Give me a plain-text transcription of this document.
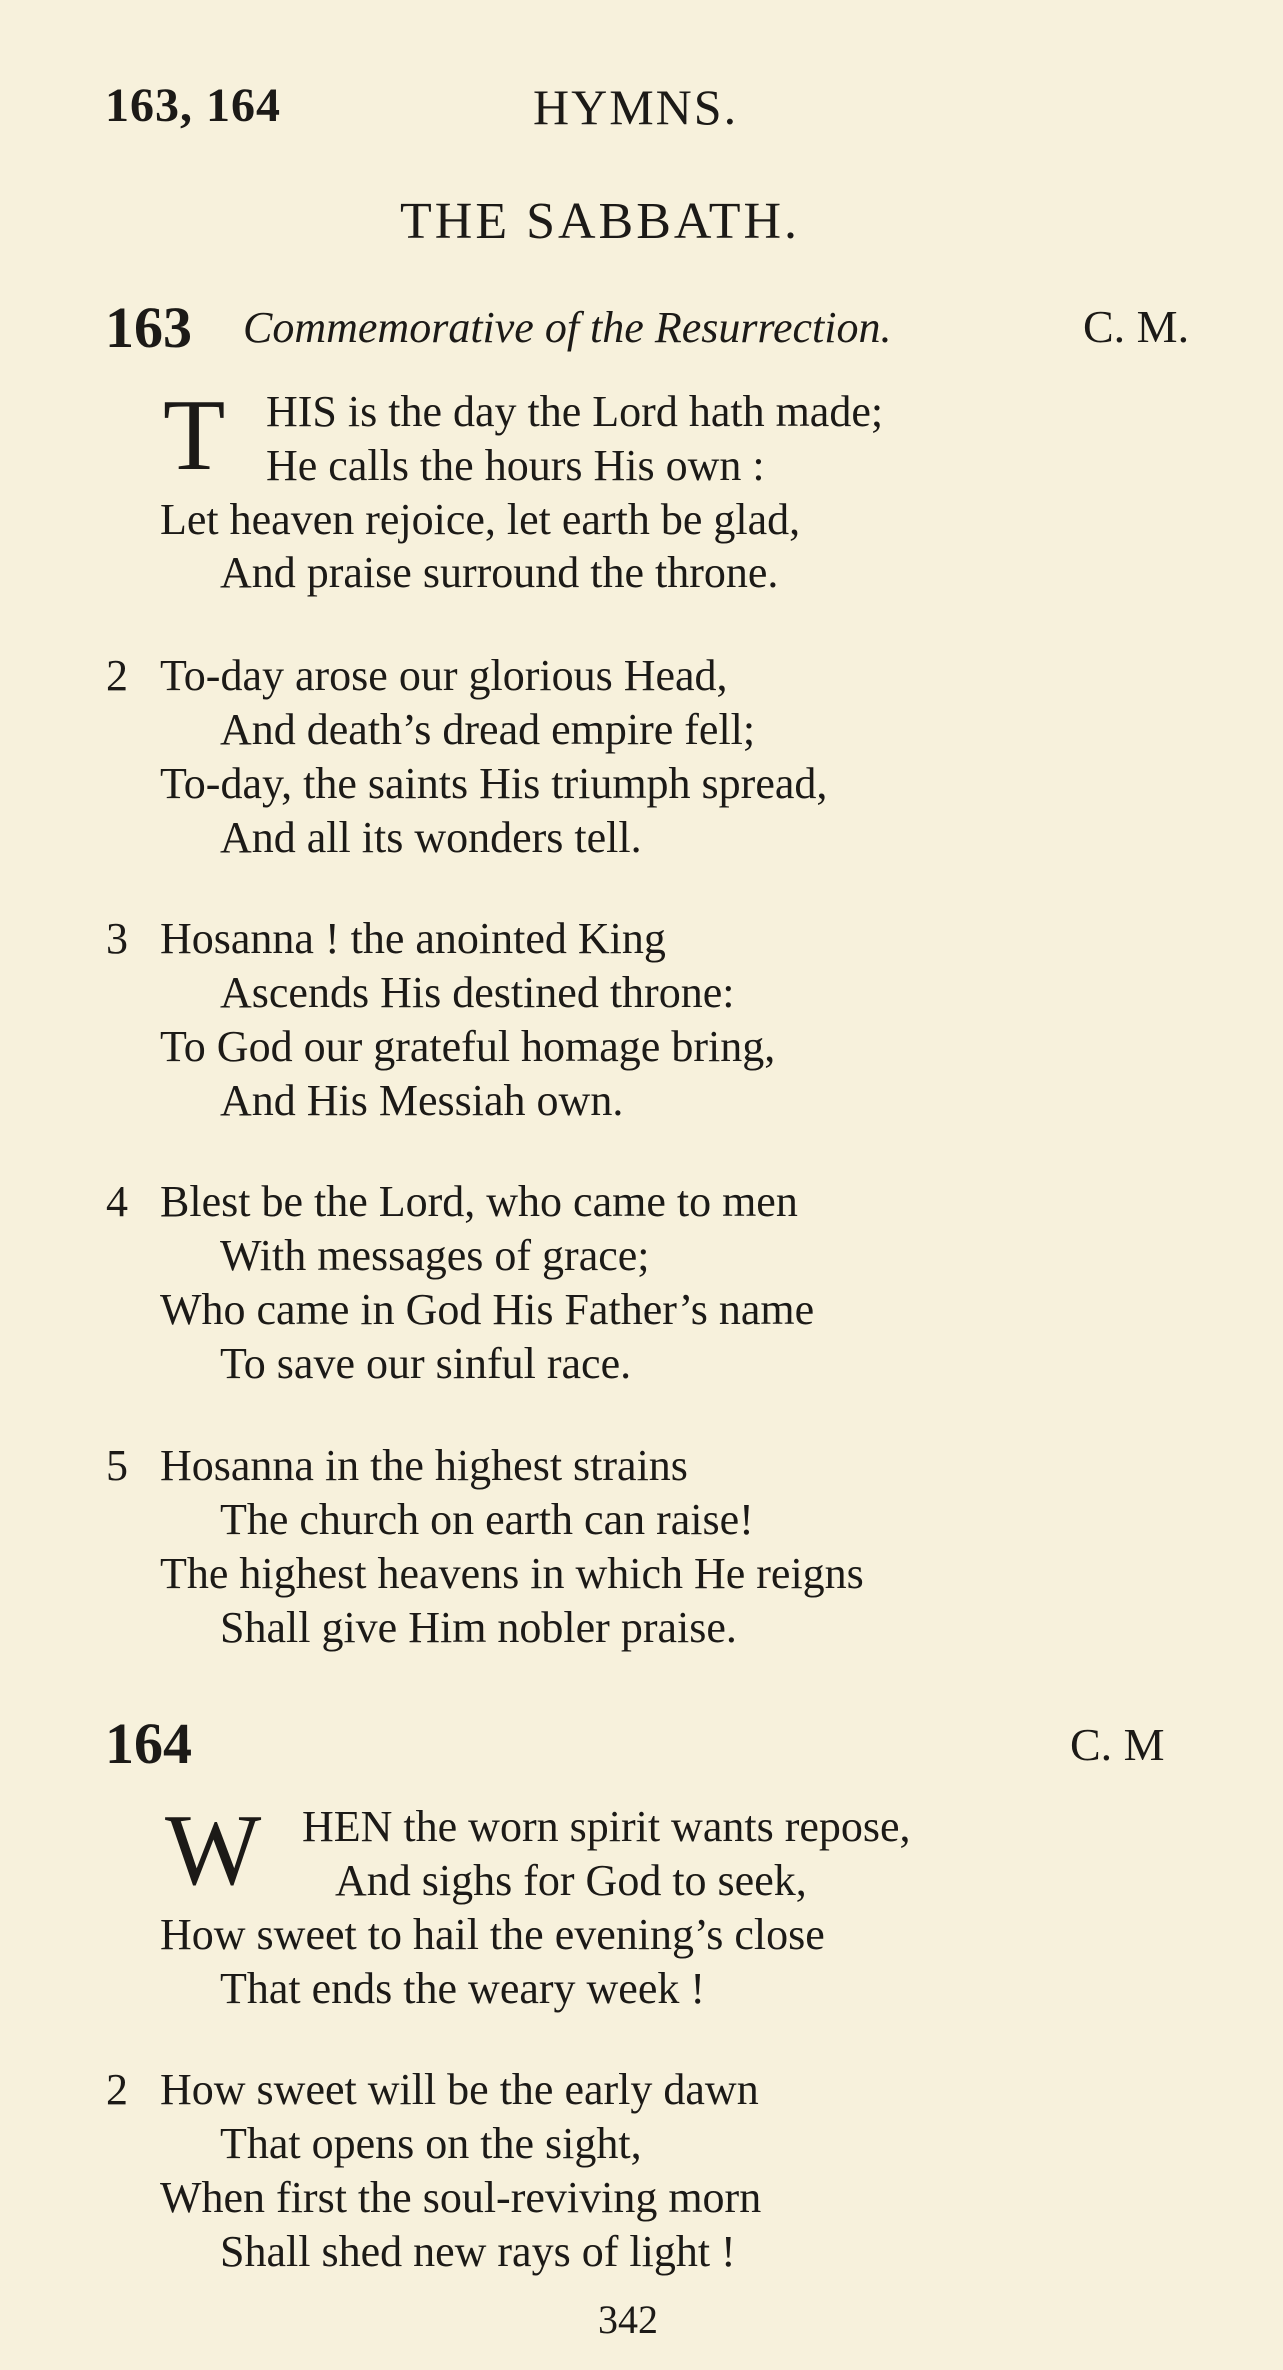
163, 164	HYMNS.
THE SABBATH.
163 Commemorative of the Resurrection.	C. M.
T HIS is the day the Lord hath made;
He calls the hours His own :
Let heaven rejoice, let earth be glad,
And praise surround the throne.
2 To-day arose our glorious Head,
And death’s dread empire fell;
To-day, the saints His triumph spread,
And all its wonders tell.
3 Hosanna ! the anointed King
Ascends His destined throne:
To God our grateful homage bring,
And His Messiah own.
4 Blest be the Lord, who came to men
With messages of grace;
Who came in God His Father’s name
To save our sinful race.
5 Hosanna in the highest strains
The church on earth can raise!
The highest heavens in which He reigns
Shall give Him nobler praise.
164	C. M
W HEN the worn spirit wants repose,
And sighs for God to seek,
How sweet to hail the evening’s close
That ends the weary week !
2 How sweet will be the early dawn
That opens on the sight,
When first the soul-reviving morn
Shall shed new rays of light !
342
